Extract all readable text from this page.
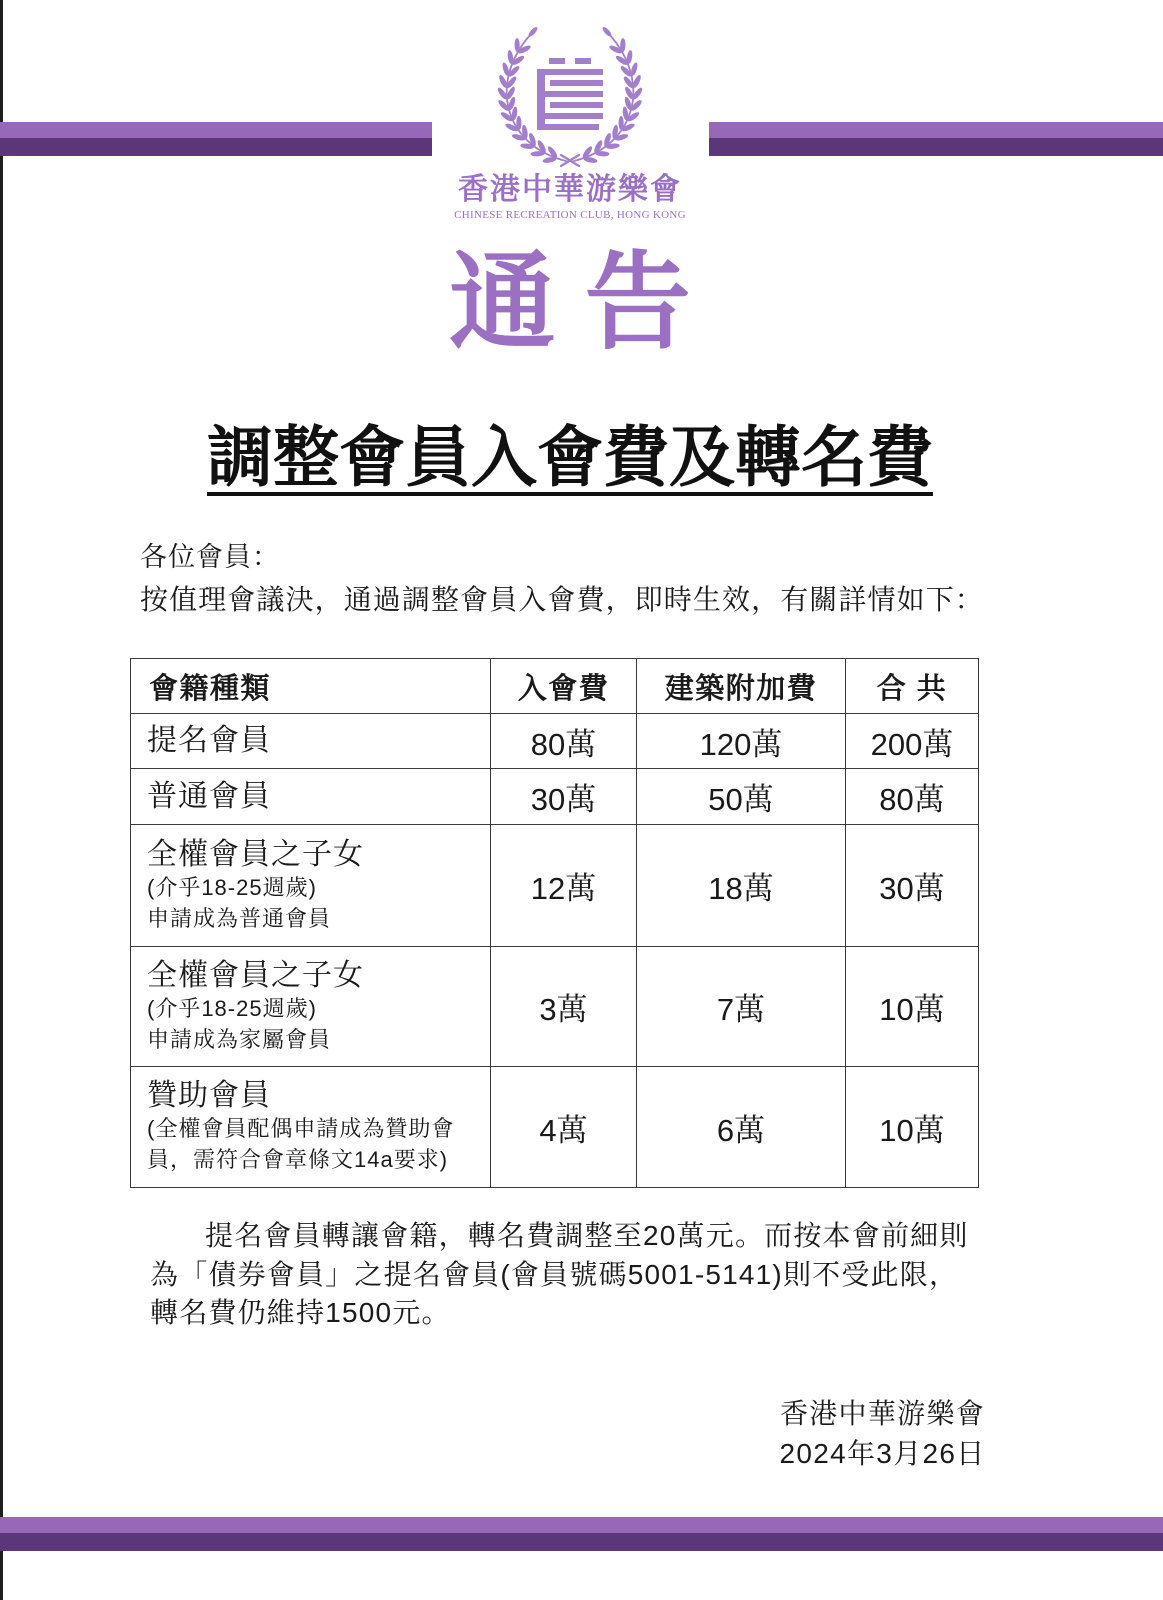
香港中華游樂會
CHINESE RECREATION CLUB, HONG KONG
通 告
調整會員入會費及轉名費
各位會員：
按值理會議決，通過調整會員入會費，即時生效，有關詳情如下：
會籍種類	入會費	建築附加費	合 共

提名會員	80萬	120萬	200萬

普通會員	30萬	50萬	80萬

全權會員之子女
(介乎18-25週歲)
申請成為普通會員	12萬	18萬	30萬

全權會員之子女
(介乎18-25週歲)
申請成為家屬會員	3萬	7萬	10萬

贊助會員
(全權會員配偶申請成為贊助會
員，需符合會章條文14a要求)	4萬	6萬	10萬
提名會員轉讓會籍，轉名費調整至20萬元。而按本會前細則
為「債券會員」之提名會員(會員號碼5001-5141)則不受此限，
轉名費仍維持1500元。
香港中華游樂會
2024年3月26日
